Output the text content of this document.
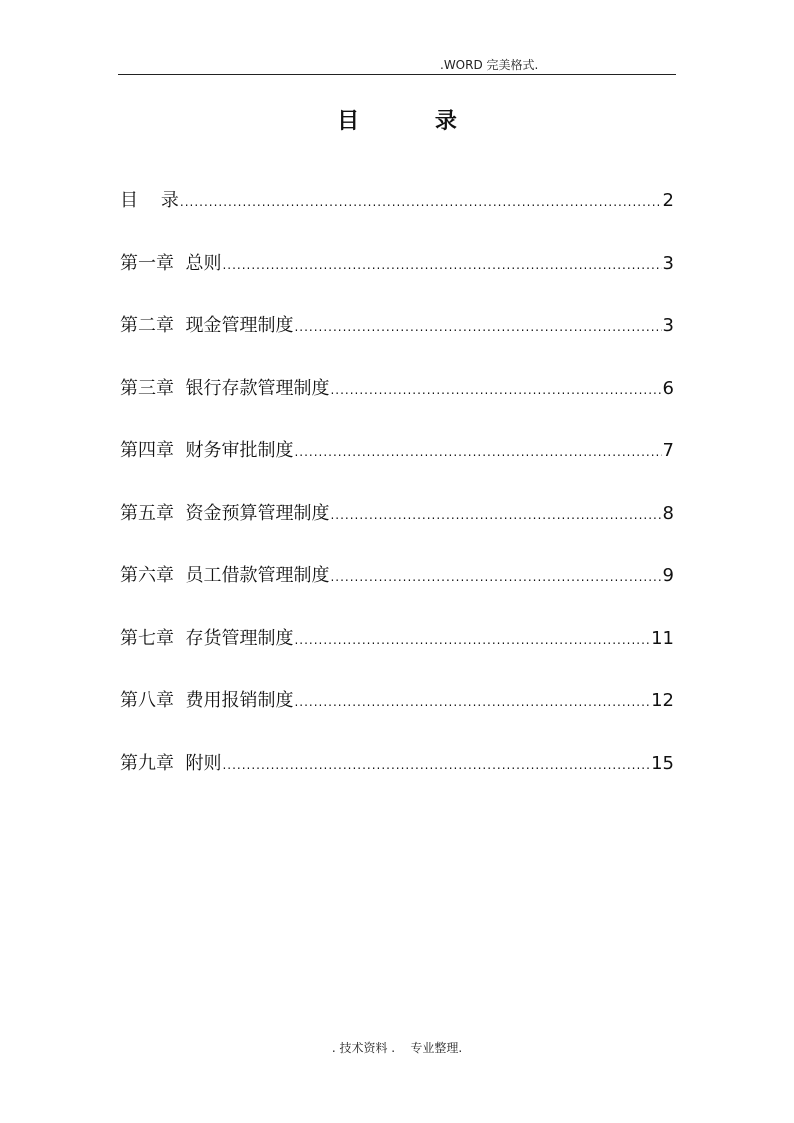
.WORD 完美格式.
目 录
目    录 .....	2
第一章  总则 .....	3
第二章  现金管理制度 .....	3
第三章  银行存款管理制度 .....	6
第四章  财务审批制度 .....	7
第五章  资金预算管理制度 .....	8
第六章  员工借款管理制度 .....	9
第七章  存货管理制度 .....	11
第八章  费用报销制度 .....	12
第九章  附则 .....	15
. 技术资料 .    专业整理.
